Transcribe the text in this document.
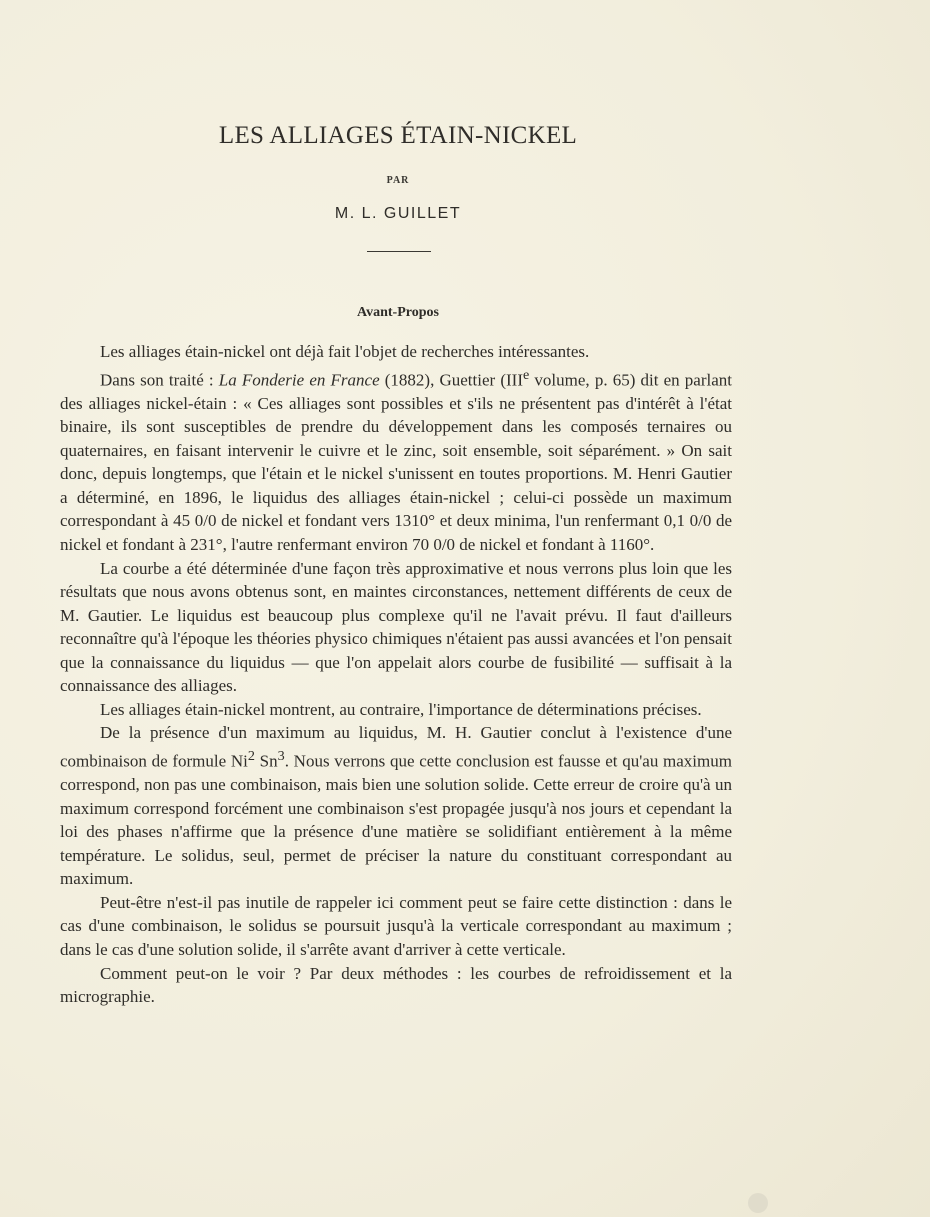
LES ALLIAGES ÉTAIN-NICKEL
PAR
M. L. GUILLET
Avant-Propos

Les alliages étain-nickel ont déjà fait l'objet de recherches intéressantes.

Dans son traité : La Fonderie en France (1882), Guettier (IIIe volume, p. 65) dit en parlant des alliages nickel-étain : « Ces alliages sont possibles et s'ils ne présentent pas d'intérêt à l'état binaire, ils sont susceptibles de prendre du développement dans les composés ternaires ou quaternaires, en faisant intervenir le cuivre et le zinc, soit ensemble, soit séparément. » On sait donc, depuis longtemps, que l'étain et le nickel s'unissent en toutes proportions. M. Henri Gautier a déterminé, en 1896, le liquidus des alliages étain-nickel ; celui-ci possède un maximum correspondant à 45 0/0 de nickel et fondant vers 1310° et deux minima, l'un renfermant 0,1 0/0 de nickel et fondant à 231°, l'autre renfermant environ 70 0/0 de nickel et fondant à 1160°.

La courbe a été déterminée d'une façon très approximative et nous verrons plus loin que les résultats que nous avons obtenus sont, en maintes circonstances, nettement différents de ceux de M. Gautier. Le liquidus est beaucoup plus complexe qu'il ne l'avait prévu. Il faut d'ailleurs reconnaître qu'à l'époque les théories physico chimiques n'étaient pas aussi avancées et l'on pensait que la connaissance du liquidus — que l'on appelait alors courbe de fusibilité — suffisait à la connaissance des alliages.

Les alliages étain-nickel montrent, au contraire, l'importance de déterminations précises.

De la présence d'un maximum au liquidus, M. H. Gautier conclut à l'existence d'une combinaison de formule Ni$^2$ Sn$^3$. Nous verrons que cette conclusion est fausse et qu'au maximum correspond, non pas une combinaison, mais bien une solution solide. Cette erreur de croire qu'à un maximum correspond forcément une combinaison s'est propagée jusqu'à nos jours et cependant la loi des phases n'affirme que la présence d'une matière se solidifiant entièrement à la même température. Le solidus, seul, permet de préciser la nature du constituant correspondant au maximum.

Peut-être n'est-il pas inutile de rappeler ici comment peut se faire cette distinction : dans le cas d'une combinaison, le solidus se poursuit jusqu'à la verticale correspondant au maximum ; dans le cas d'une solution solide, il s'arrête avant d'arriver à cette verticale.

Comment peut-on le voir ? Par deux méthodes : les courbes de refroidissement et la micrographie.
